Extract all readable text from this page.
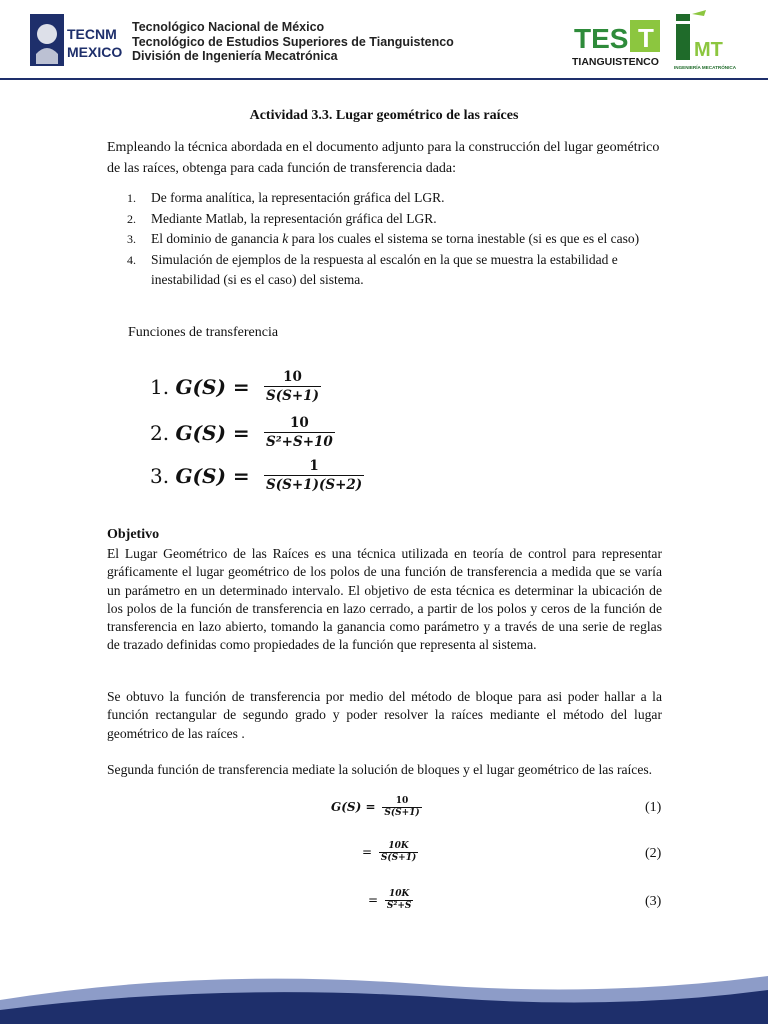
TECNM
MEXICO
Tecnológico Nacional de México
Tecnológico de Estudios Superiores de Tianguistenco
División de Ingeniería Mecatrónica
TES T
TIANGUISTENCO
MT
INGENIERÍA MECATRÓNICA
Actividad 3.3. Lugar geométrico de las raíces

Empleando la técnica abordada en el documento adjunto para la construcción del lugar geométrico de las raíces, obtenga para cada función de transferencia dada:

1. De forma analítica, la representación gráfica del LGR.
2. Mediante Matlab, la representación gráfica del LGR.
3. El dominio de ganancia k para los cuales el sistema se torna inestable (si es que es el caso)
4. Simulación de ejemplos de la respuesta al escalón en la que se muestra la estabilidad e inestabilidad (si es el caso) del sistema.

Funciones de transferencia

1. $G(S) = \frac{10}{S(S+1)}$
2. $G(S) = \frac{10}{\text{S²+S+10}}$
3. $G(S) = \frac{1}{S(S+1)(S+2)}$
Objetivo

El Lugar Geométrico de las Raíces es una técnica utilizada en teoría de control para representar gráficamente el lugar geométrico de los polos de una función de transferencia a medida que se varía un parámetro en un determinado intervalo. El objetivo de esta técnica es determinar la ubicación de los polos de la función de transferencia en lazo cerrado, a partir de los polos y ceros de la función de transferencia en lazo abierto, tomando la ganancia como parámetro y a través de una serie de reglas de trazado definidas como propiedades de la función que representa al sistema.

Se obtuvo la función de transferencia por medio del método de bloque para asi poder hallar a la función rectangular de segundo grado y poder resolver la raíces mediante el método del lugar geométrico de las raíces .

Segunda función de transferencia mediate la solución de bloques y el lugar geométrico de las raíces.

$G(S) = \frac{10}{S(S+1)}$	(1)
= $\frac{10K}{S(S+1)}$	(2)
= $\frac{10K}{\text{S²+S}}$	(3)
